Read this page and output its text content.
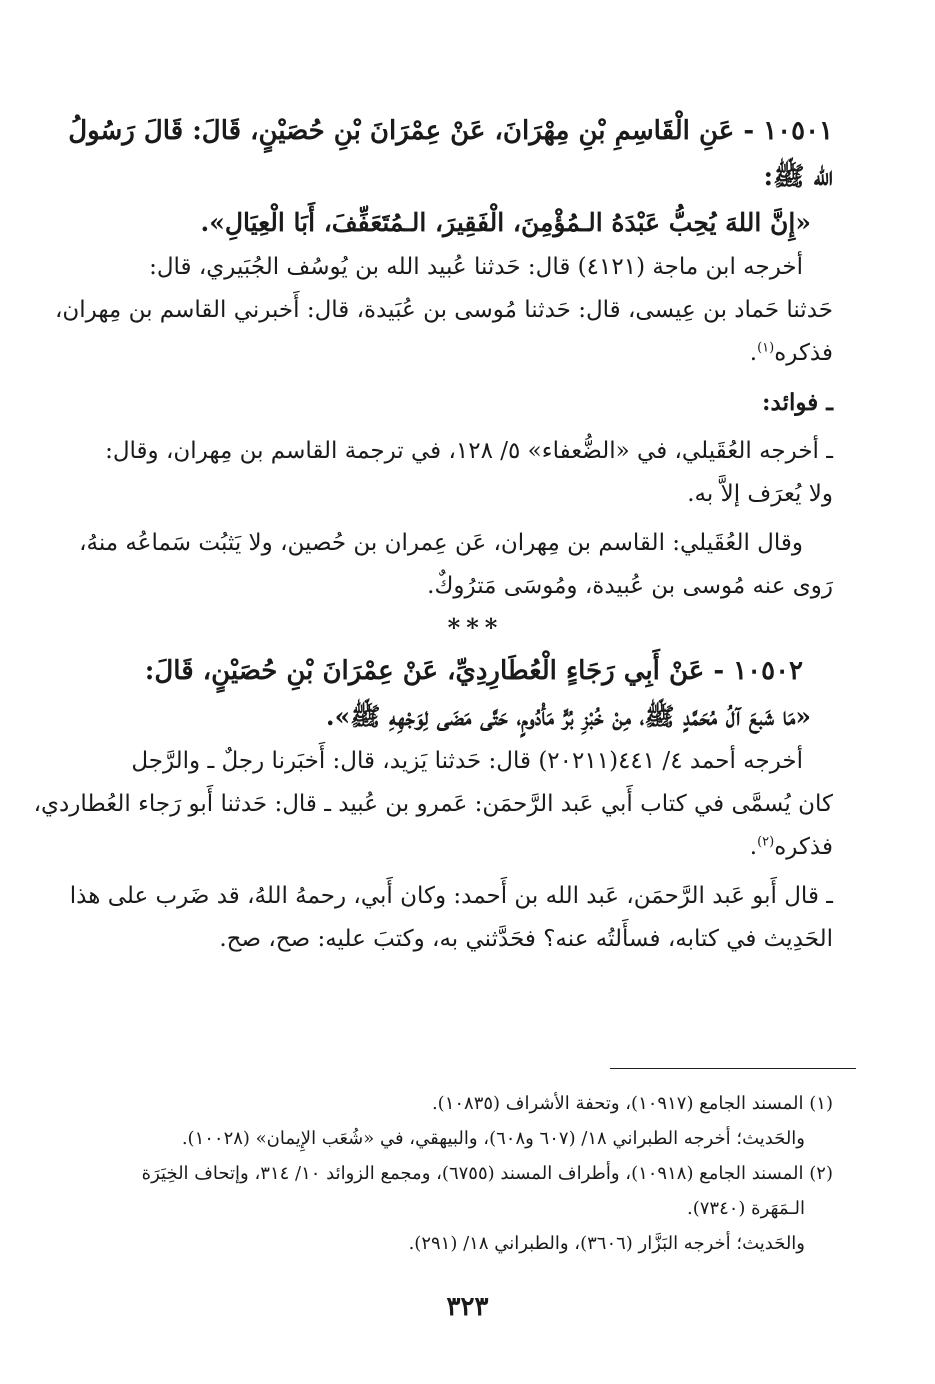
١٠٥٠١ - عَنِ الْقَاسِمِ بْنِ مِهْرَانَ، عَنْ عِمْرَانَ بْنِ حُصَيْنٍ، قَالَ: قَالَ رَسُولُ
الله ﷺ:
«إِنَّ اللهَ يُحِبُّ عَبْدَهُ الـمُؤْمِنَ، الْفَقِيرَ، الـمُتَعَفِّفَ، أَبَا الْعِيَالِ».
أخرجه ابن ماجة (٤١٢١) قال: حَدثنا عُبيد الله بن يُوسُف الجُبَيري، قال:
حَدثنا حَماد بن عِيسى، قال: حَدثنا مُوسى بن عُبَيدة، قال: أَخبرني القاسم بن مِهران،
فذكره$^{(١)}$.
ـ فوائد:
ـ أخرجه العُقَيلي، في «الضُّعفاء» ٥/ ١٢٨، في ترجمة القاسم بن مِهران، وقال:
ولا يُعرَف إلاَّ به.
وقال العُقَيلي: القاسم بن مِهران، عَن عِمران بن حُصين، ولا يَثبُت سَماعُه منهُ،
رَوى عنه مُوسى بن عُبيدة، ومُوسَى مَترُوكٌ.
***
١٠٥٠٢ - عَنْ أَبِي رَجَاءٍ الْعُطَارِدِيِّ، عَنْ عِمْرَانَ بْنِ حُصَيْنٍ، قَالَ:
«مَا شَبعَ آلُ مُحَمَّدٍ ﷺ، مِنْ خُبْزِ بُرٍّ مَأْدُومٍ، حَتَّى مَضَى لِوَجْهِهِ ﷺ».
أخرجه أحمد ٤/ ٤٤١(٢٠٢١١) قال: حَدثنا يَزيد، قال: أَخبَرنا رجلٌ ـ والرَّجل
كان يُسمَّى في كتاب أَبي عَبد الرَّحمَن: عَمرو بن عُبيد ـ قال: حَدثنا أَبو رَجاء العُطاردي،
فذكره$^{(٢)}$.
ـ قال أَبو عَبد الرَّحمَن، عَبد الله بن أَحمد: وكان أَبي، رحمهُ اللهُ، قد ضَرب على هذا
الحَدِيث في كتابه، فسأَلتُه عنه؟ فحَدَّثني به، وكتبَ عليه: صح، صح.
(١) المسند الجامع (١٠٩١٧)، وتحفة الأشراف (١٠٨٣٥).
والحَديث؛ أخرجه الطبراني ١٨/ (٦٠٧ و٦٠٨)، والبيهقي، في «شُعَب الإِيمان» (١٠٠٢٨).
(٢) المسند الجامع (١٠٩١٨)، وأطراف المسند (٦٧٥٥)، ومجمع الزوائد ١٠/ ٣١٤، وإتحاف الخِيَرَة
الـمَهَرة (٧٣٤٠).
والحَديث؛ أخرجه البَزَّار (٣٦٠٦)، والطبراني ١٨/ (٢٩١).
٣٢٣
